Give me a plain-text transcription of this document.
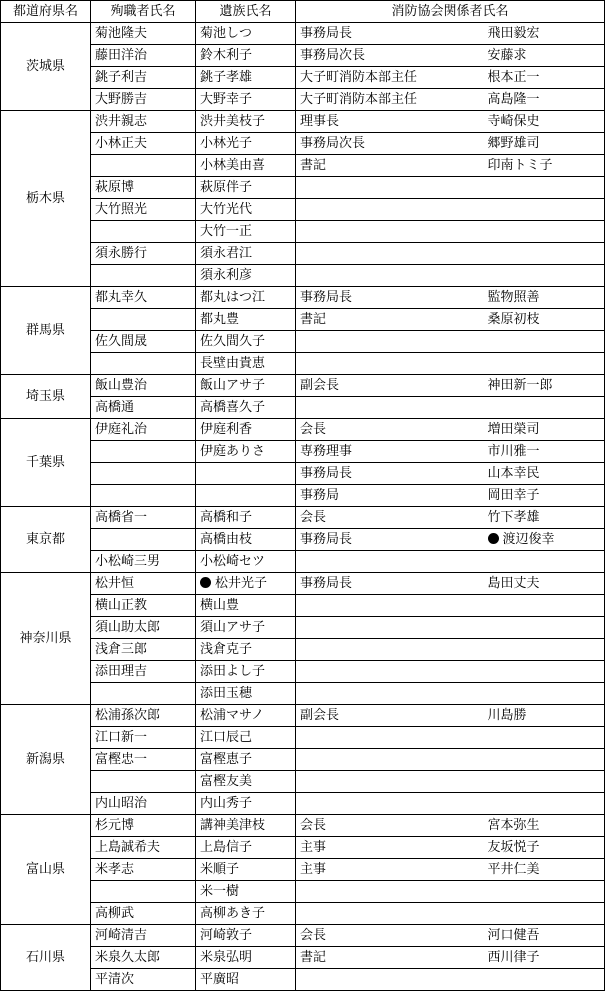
都道府県名	殉職者氏名	遺族氏名	消防協会関係者氏名	
茨城県	菊池隆夫	菊池しつ	事務局長	飛田毅宏
	藤田洋治	鈴木利子	事務局次長	安藤求
	銚子利吉	銚子孝雄	大子町消防本部主任	根本正一
	大野勝吉	大野幸子	大子町消防本部主任	高島隆一
栃木県	渋井親志	渋井美枝子	理事長	寺崎保史
	小林正夫	小林光子	事務局次長	郷野雄司
		小林美由喜	書記	印南トミ子
	萩原博	萩原伴子		
	大竹照光	大竹光代		
		大竹一正		
	須永勝行	須永君江		
		須永利彦		
群馬県	都丸幸久	都丸はつ江	事務局長	監物照善
		都丸豊	書記	桑原初枝
	佐久間晟	佐久間久子		
		長壁由貴恵		
埼玉県	飯山豊治	飯山アサ子	副会長	神田新一郎
	高橋通	高橋喜久子		
千葉県	伊庭礼治	伊庭利香	会長	増田榮司
		伊庭ありさ	専務理事	市川雅一
			事務局長	山本幸民
			事務局	岡田幸子
東京都	高橋省一	高橋和子	会長	竹下孝雄
		高橋由枝	事務局長	渡辺俊幸
	小松崎三男	小松崎セツ		
神奈川県	松井恒	松井光子	事務局長	島田丈夫
	横山正教	横山豊		
	須山助太郎	須山アサ子		
	浅倉三郎	浅倉克子		
	添田理吉	添田よし子		
		添田玉穂		
新潟県	松浦孫次郎	松浦マサノ	副会長	川島勝
	江口新一	江口辰己		
	富樫忠一	富樫恵子		
		富樫友美		
	内山昭治	内山秀子		
富山県	杉元博	講神美津枝	会長	宮本弥生
	上島誠希夫	上島信子	主事	友坂悦子
	米孝志	米順子	主事	平井仁美
		米一樹		
	高柳武	高柳あき子		
石川県	河崎清吉	河崎敦子	会長	河口健吾
	米泉久太郎	米泉弘明	書記	西川律子
	平清次	平廣昭		
